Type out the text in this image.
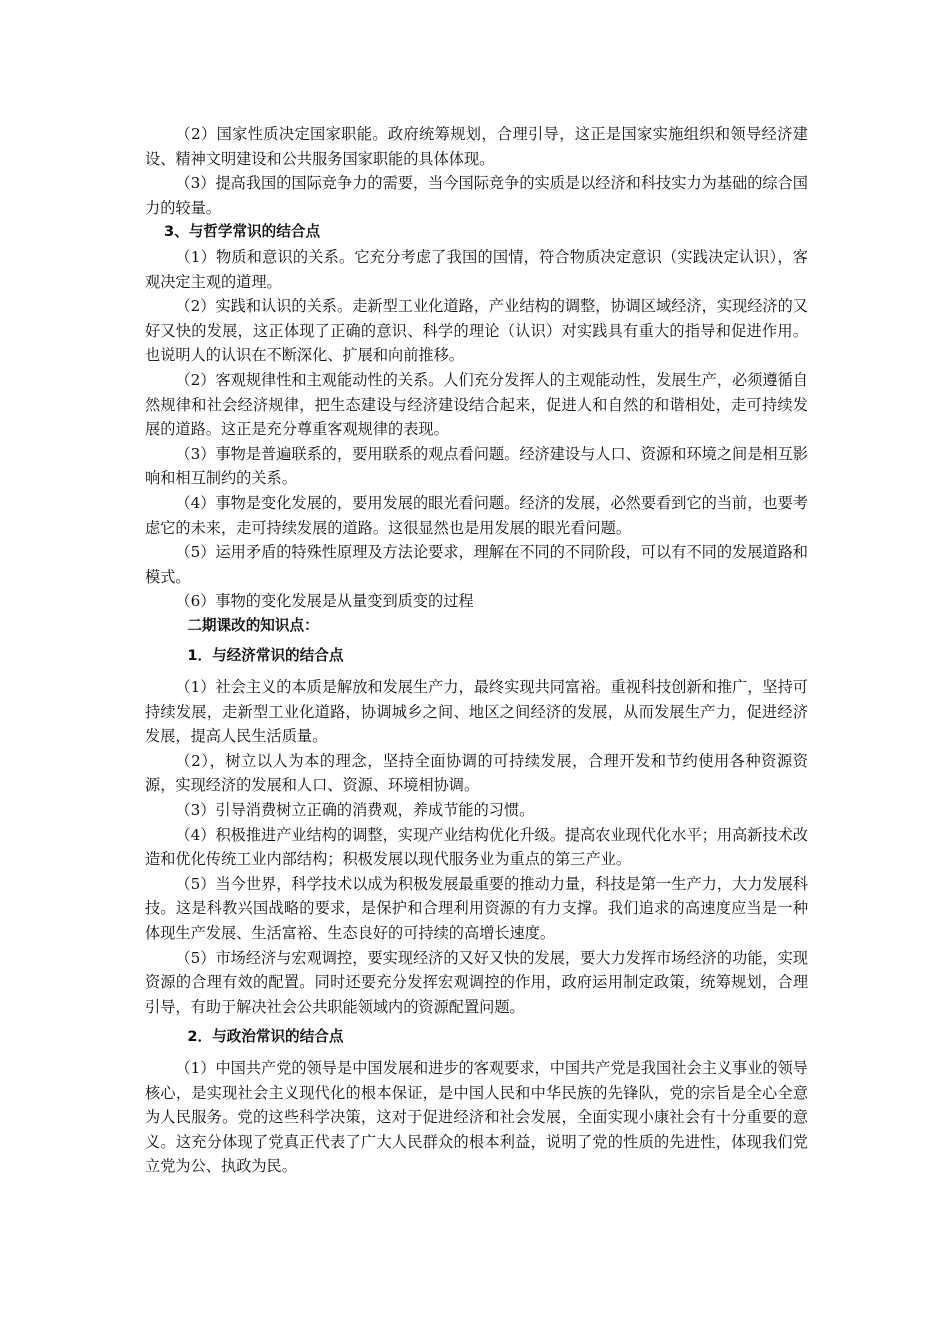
（2）国家性质决定国家职能。政府统筹规划，合理引导，这正是国家实施组织和领导经济建设、精神文明建设和公共服务国家职能的具体体现。

（3）提高我国的国际竞争力的需要，当今国际竞争的实质是以经济和科技实力为基础的综合国力的较量。

3、与哲学常识的结合点

（1）物质和意识的关系。它充分考虑了我国的国情，符合物质决定意识（实践决定认识），客观决定主观的道理。

（2）实践和认识的关系。走新型工业化道路，产业结构的调整，协调区域经济，实现经济的又好又快的发展，这正体现了正确的意识、科学的理论（认识）对实践具有重大的指导和促进作用。也说明人的认识在不断深化、扩展和向前推移。

（2）客观规律性和主观能动性的关系。人们充分发挥人的主观能动性，发展生产，必须遵循自然规律和社会经济规律，把生态建设与经济建设结合起来，促进人和自然的和谐相处，走可持续发展的道路。这正是充分尊重客观规律的表现。

（3）事物是普遍联系的，要用联系的观点看问题。经济建设与人口、资源和环境之间是相互影响和相互制约的关系。

（4）事物是变化发展的，要用发展的眼光看问题。经济的发展，必然要看到它的当前，也要考虑它的未来，走可持续发展的道路。这很显然也是用发展的眼光看问题。

（5）运用矛盾的特殊性原理及方法论要求，理解在不同的不同阶段，可以有不同的发展道路和模式。

（6）事物的变化发展是从量变到质变的过程

二期课改的知识点：

1．与经济常识的结合点

（1）社会主义的本质是解放和发展生产力，最终实现共同富裕。重视科技创新和推广，坚持可持续发展，走新型工业化道路，协调城乡之间、地区之间经济的发展，从而发展生产力，促进经济发展，提高人民生活质量。

（2），树立以人为本的理念，坚持全面协调的可持续发展，合理开发和节约使用各种资源资源，实现经济的发展和人口、资源、环境相协调。

（3）引导消费树立正确的消费观，养成节能的习惯。

（4）积极推进产业结构的调整，实现产业结构优化升级。提高农业现代化水平；用高新技术改造和优化传统工业内部结构；积极发展以现代服务业为重点的第三产业。

（5）当今世界，科学技术以成为积极发展最重要的推动力量，科技是第一生产力，大力发展科技。这是科教兴国战略的要求，是保护和合理利用资源的有力支撑。我们追求的高速度应当是一种体现生产发展、生活富裕、生态良好的可持续的高增长速度。

（5）市场经济与宏观调控，要实现经济的又好又快的发展，要大力发挥市场经济的功能，实现资源的合理有效的配置。同时还要充分发挥宏观调控的作用，政府运用制定政策，统筹规划，合理引导，有助于解决社会公共职能领域内的资源配置问题。

2．与政治常识的结合点

（1）中国共产党的领导是中国发展和进步的客观要求，中国共产党是我国社会主义事业的领导核心，是实现社会主义现代化的根本保证，是中国人民和中华民族的先锋队，党的宗旨是全心全意为人民服务。党的这些科学决策，这对于促进经济和社会发展，全面实现小康社会有十分重要的意义。这充分体现了党真正代表了广大人民群众的根本利益，说明了党的性质的先进性，体现我们党立党为公、执政为民。
